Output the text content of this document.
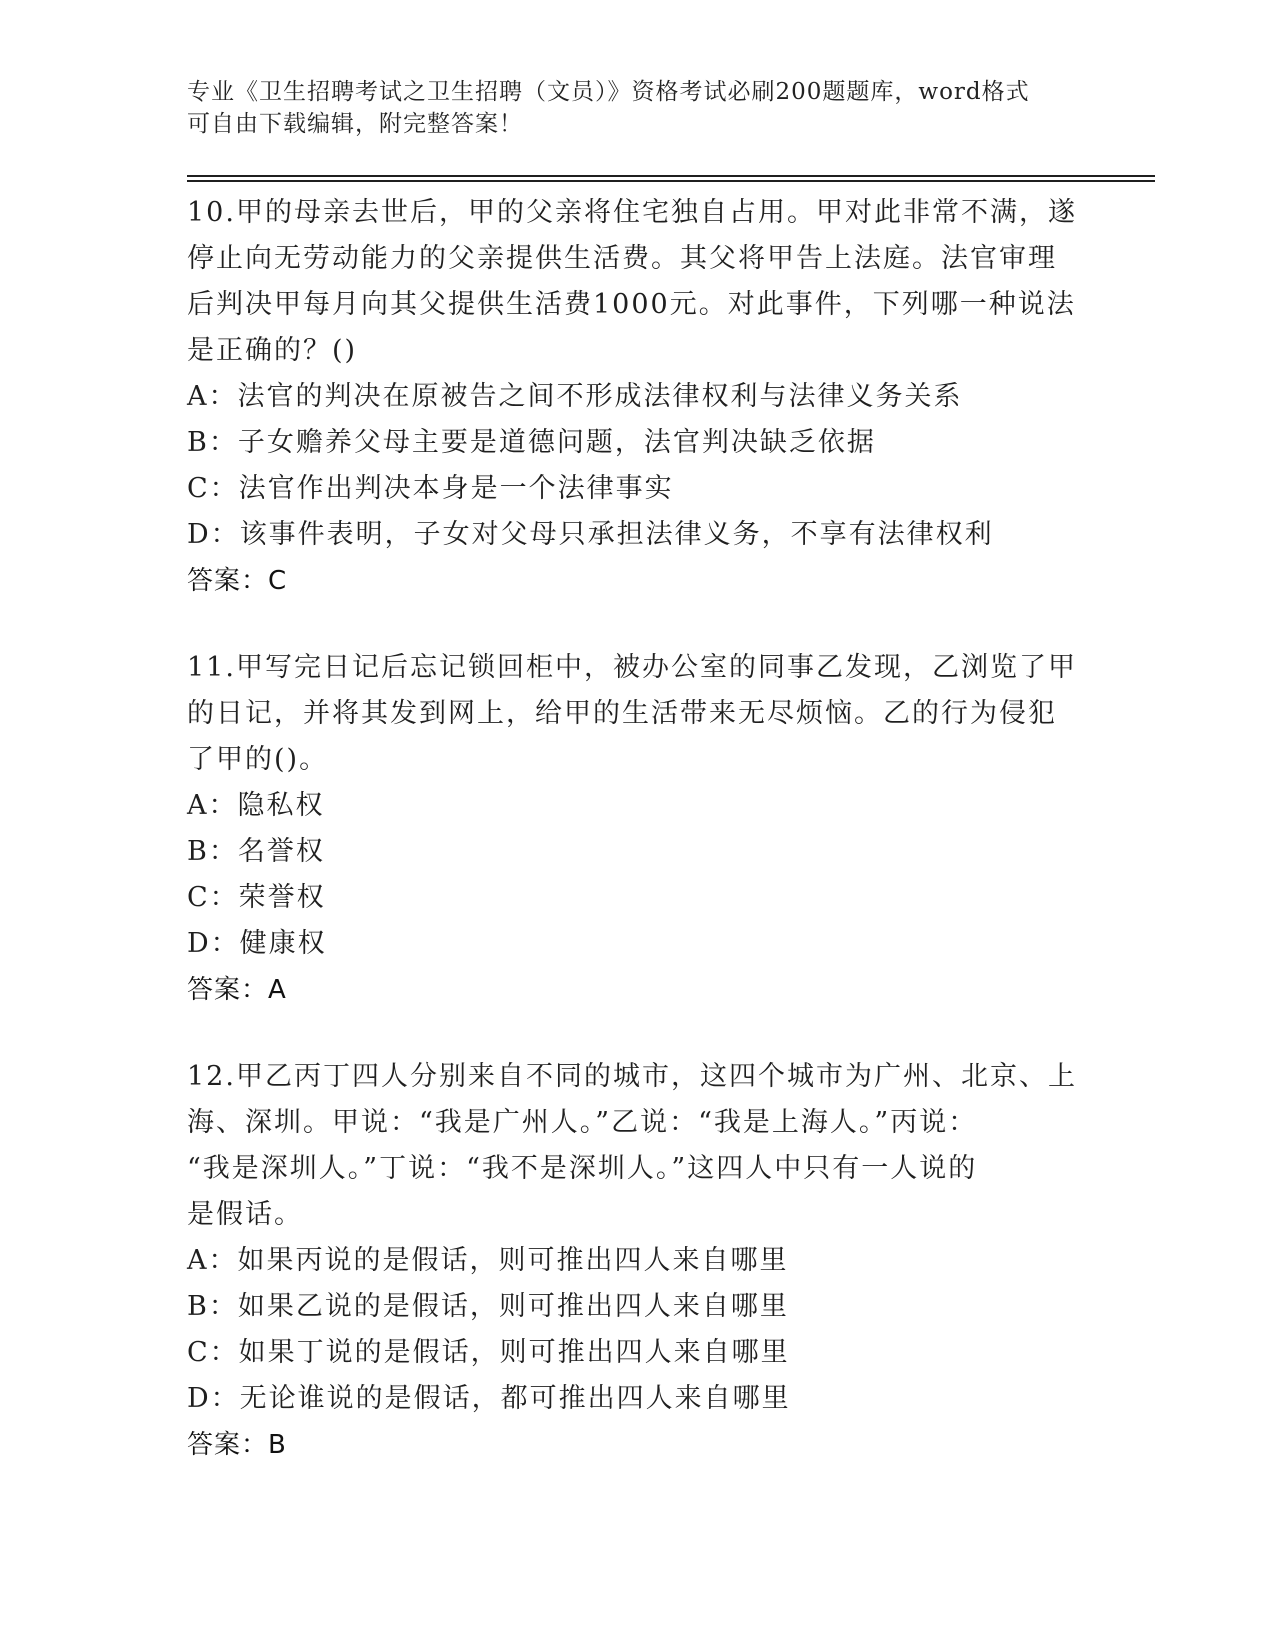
专业《卫生招聘考试之卫生招聘（文员）》资格考试必刷200题题库，word格式
可自由下载编辑，附完整答案！
10.甲的母亲去世后，甲的父亲将住宅独自占用。甲对此非常不满，遂
停止向无劳动能力的父亲提供生活费。其父将甲告上法庭。法官审理
后判决甲每月向其父提供生活费1000元。对此事件，下列哪一种说法
是正确的？()
A：法官的判决在原被告之间不形成法律权利与法律义务关系
B：子女赡养父母主要是道德问题，法官判决缺乏依据
C：法官作出判决本身是一个法律事实
D：该事件表明，子女对父母只承担法律义务，不享有法律权利
答案：C
11.甲写完日记后忘记锁回柜中，被办公室的同事乙发现，乙浏览了甲
的日记，并将其发到网上，给甲的生活带来无尽烦恼。乙的行为侵犯
了甲的()。
A：隐私权
B：名誉权
C：荣誉权
D：健康权
答案：A
12.甲乙丙丁四人分别来自不同的城市，这四个城市为广州、北京、上
海、深圳。甲说：“我是广州人。”乙说：“我是上海人。”丙说：
“我是深圳人。”丁说：“我不是深圳人。”这四人中只有一人说的
是假话。
A：如果丙说的是假话，则可推出四人来自哪里
B：如果乙说的是假话，则可推出四人来自哪里
C：如果丁说的是假话，则可推出四人来自哪里
D：无论谁说的是假话，都可推出四人来自哪里
答案：B
